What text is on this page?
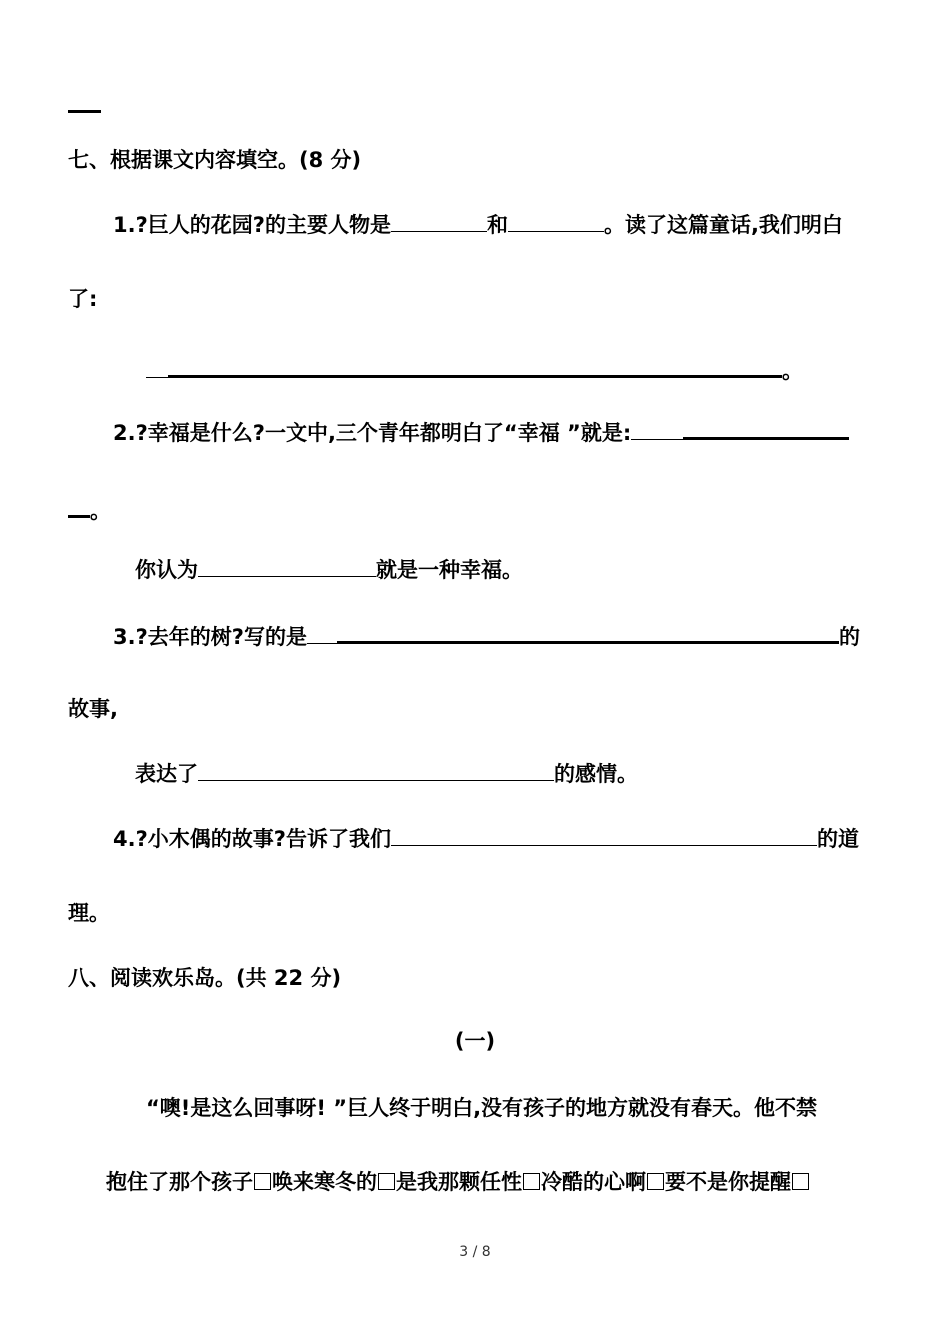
七、根据课文内容填空。(8 分)
1.?巨人的花园?的主要人物是	和	。读了这篇童话,我们明白
了:
。
2.?幸福是什么?一文中,三个青年都明白了“幸福 ”就是:
。
你认为	就是一种幸福。
3.?去年的树?写的是	的
故事,
表达了	的感情。
4.?小木偶的故事?告诉了我们	的道
理。
八、阅读欢乐岛。(共 22 分)
(一)
“噢!是这么回事呀! ”巨人终于明白,没有孩子的地方就没有春天。他不禁
抱住了那个孩子 唤来寒冬的 是我那颗任性 冷酷的心啊 要不是你提醒
3 / 8
